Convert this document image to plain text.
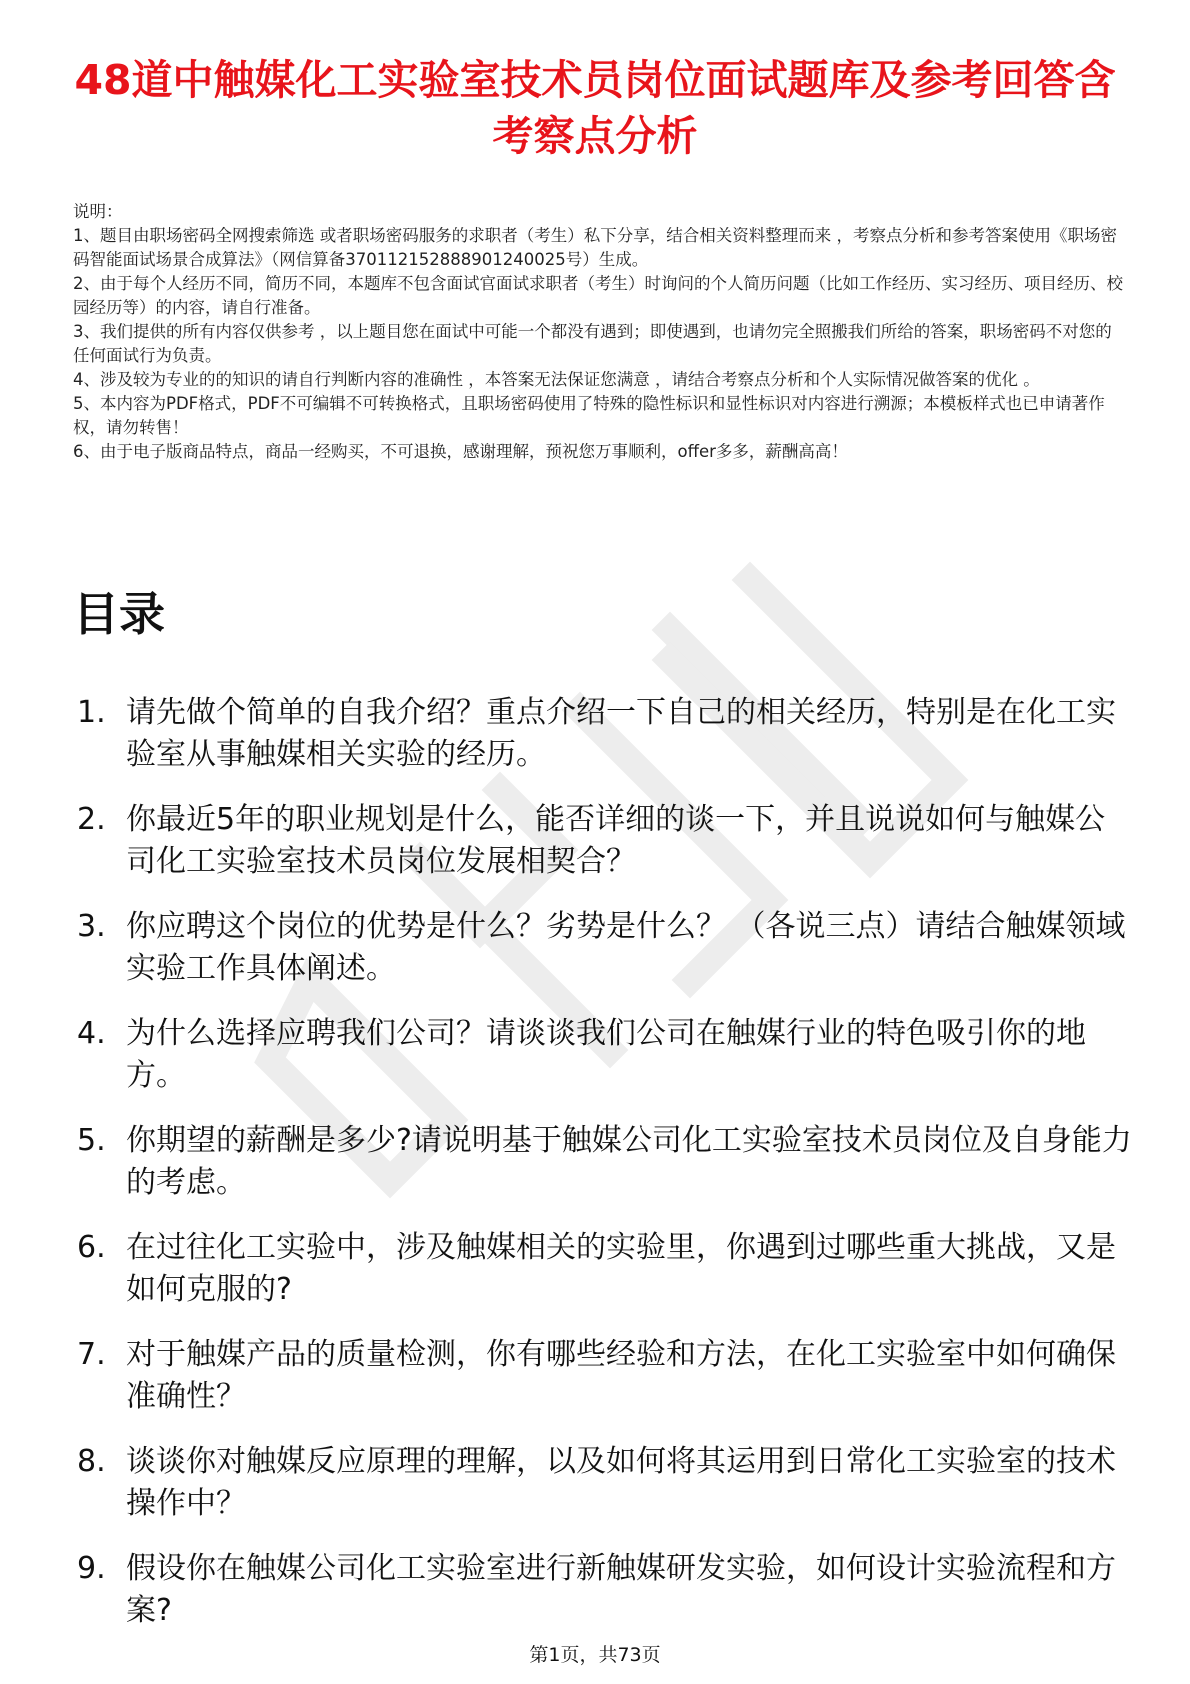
48道中触媒化工实验室技术员岗位面试题库及参考回答含考察点分析

说明：

1、题目由职场密码全网搜索筛选 或者职场密码服务的求职者（考生）私下分享，结合相关资料整理而来 ，考察点分析和参考答案使用《职场密码智能面试场景合成算法》（网信算备370112152888901240025号）生成。

2、由于每个人经历不同，简历不同，本题库不包含面试官面试求职者（考生）时询问的个人简历问题（比如工作经历、实习经历、项目经历、校园经历等）的内容，请自行准备。

3、我们提供的所有内容仅供参考 ，以上题目您在面试中可能一个都没有遇到；即使遇到，也请勿完全照搬我们所给的答案，职场密码不对您的任何面试行为负责。

4、涉及较为专业的的知识的请自行判断内容的准确性 ，本答案无法保证您满意 ，请结合考察点分析和个人实际情况做答案的优化 。

5、本内容为PDF格式，PDF不可编辑不可转换格式，且职场密码使用了特殊的隐性标识和显性标识对内容进行溯源；本模板样式也已申请著作权，请勿转售！

6、由于电子版商品特点，商品一经购买，不可退换，感谢理解，预祝您万事顺利，offer多多，薪酬高高！

目录
1. 请先做个简单的自我介绍？重点介绍一下自己的相关经历，特别是在化工实验室从事触媒相关实验的经历。
2. 你最近5年的职业规划是什么，能否详细的谈一下，并且说说如何与触媒公司化工实验室技术员岗位发展相契合？
3. 你应聘这个岗位的优势是什么？劣势是什么？ （各说三点）请结合触媒领域实验工作具体阐述。
4. 为什么选择应聘我们公司？请谈谈我们公司在触媒行业的特色吸引你的地方。
5. 你期望的薪酬是多少?请说明基于触媒公司化工实验室技术员岗位及自身能力的考虑。
6. 在过往化工实验中，涉及触媒相关的实验里，你遇到过哪些重大挑战，又是如何克服的?
7. 对于触媒产品的质量检测，你有哪些经验和方法，在化工实验室中如何确保准确性？
8. 谈谈你对触媒反应原理的理解，以及如何将其运用到日常化工实验室的技术操作中？
9. 假设你在触媒公司化工实验室进行新触媒研发实验，如何设计实验流程和方案?
第1页，共73页
